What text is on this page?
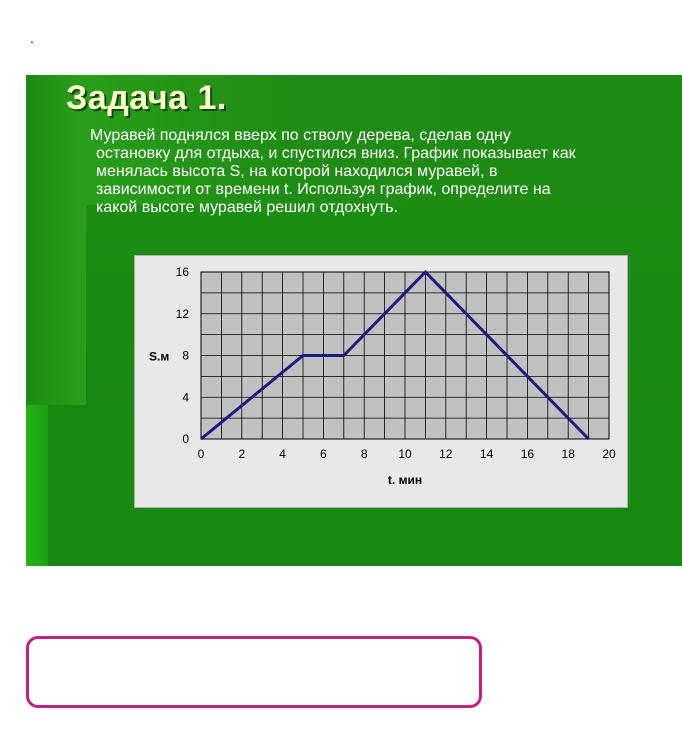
.
Задача 1.
Муравей поднялся вверх по стволу дерева, сделав одну
остановку для отдыха, и спустился вниз. График показывает как
менялась высота S, на которой находился муравей, в
зависимости от времени t. Используя график, определите на
какой высоте муравей решил отдохнуть.
0	2	4	6	8	10 12 14 16 18 20
0
4
8
12
16
t. мин
S.м
